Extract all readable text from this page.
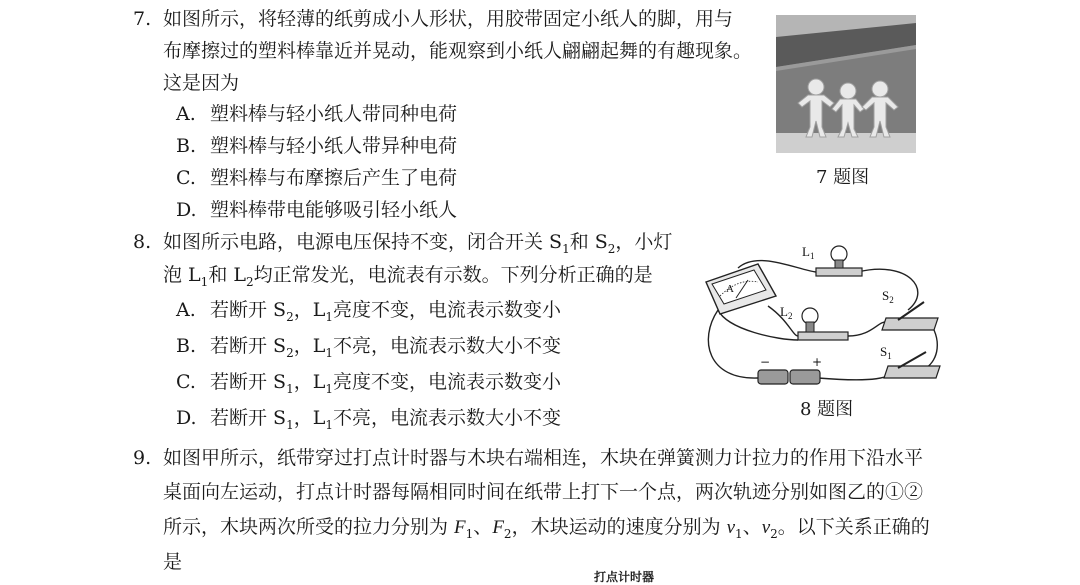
7. 如图所示，将轻薄的纸剪成小人形状，用胶带固定小纸人的脚，用与
布摩擦过的塑料棒靠近并晃动，能观察到小纸人翩翩起舞的有趣现象。
这是因为
A. 塑料棒与轻小纸人带同种电荷
B. 塑料棒与轻小纸人带异种电荷
C. 塑料棒与布摩擦后产生了电荷
D. 塑料棒带电能够吸引轻小纸人
7 题图
8. 如图所示电路，电源电压保持不变，闭合开关 $S_1$和 $S_2$，小灯
泡 $L_1$和 $L_2$均正常发光，电流表有示数。下列分析正确的是
A. 若断开 $S_2$，$L_1$亮度不变，电流表示数变小
B. 若断开 $S_2$，$L_1$不亮，电流表示数大小不变
C. 若断开 $S_1$，$L_1$亮度不变，电流表示数变小
D. 若断开 $S_1$，$L_1$不亮，电流表示数大小不变
A
$L_1$
$L_2$
$S_2$
$S_1$
−	+
8 题图
9. 如图甲所示，纸带穿过打点计时器与木块右端相连，木块在弹簧测力计拉力的作用下沿水平
桌面向左运动，打点计时器每隔相同时间在纸带上打下一个点，两次轨迹分别如图乙的①②
所示，木块两次所受的拉力分别为 $F_1$、$F_2$，木块运动的速度分别为 $v_1$、$v_2$。以下关系正确的
是
打点计时器
